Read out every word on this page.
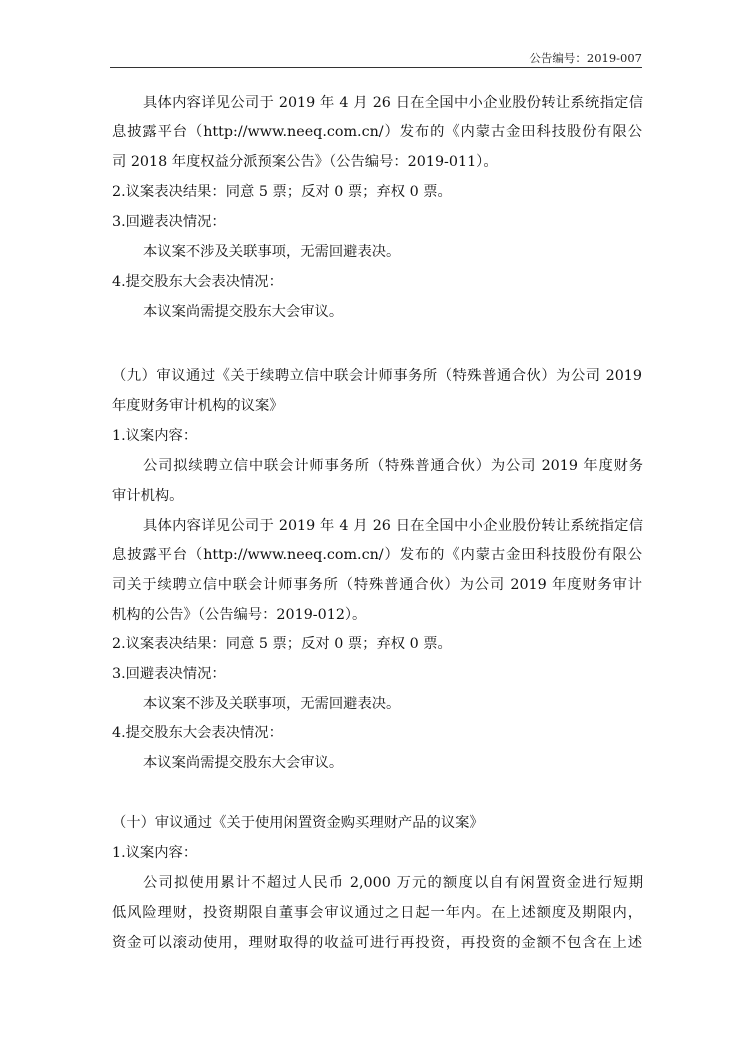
公告编号：2019-007
具体内容详见公司于 2019 年 4 月 26 日在全国中小企业股份转让系统指定信
息披露平台（http://www.neeq.com.cn/）发布的《内蒙古金田科技股份有限公
司 2018 年度权益分派预案公告》（公告编号：2019-011）。
2.议案表决结果：同意 5 票；反对 0 票；弃权 0 票。
3.回避表决情况：
本议案不涉及关联事项，无需回避表决。
4.提交股东大会表决情况：
本议案尚需提交股东大会审议。
（九）审议通过《关于续聘立信中联会计师事务所（特殊普通合伙）为公司 2019
年度财务审计机构的议案》
1.议案内容：
公司拟续聘立信中联会计师事务所（特殊普通合伙）为公司 2019 年度财务
审计机构。
具体内容详见公司于 2019 年 4 月 26 日在全国中小企业股份转让系统指定信
息披露平台（http://www.neeq.com.cn/）发布的《内蒙古金田科技股份有限公
司关于续聘立信中联会计师事务所（特殊普通合伙）为公司 2019 年度财务审计
机构的公告》（公告编号：2019-012）。
2.议案表决结果：同意 5 票；反对 0 票；弃权 0 票。
3.回避表决情况：
本议案不涉及关联事项，无需回避表决。
4.提交股东大会表决情况：
本议案尚需提交股东大会审议。
（十）审议通过《关于使用闲置资金购买理财产品的议案》
1.议案内容：
公司拟使用累计不超过人民币 2,000 万元的额度以自有闲置资金进行短期
低风险理财，投资期限自董事会审议通过之日起一年内。在上述额度及期限内，
资金可以滚动使用，理财取得的收益可进行再投资，再投资的金额不包含在上述
